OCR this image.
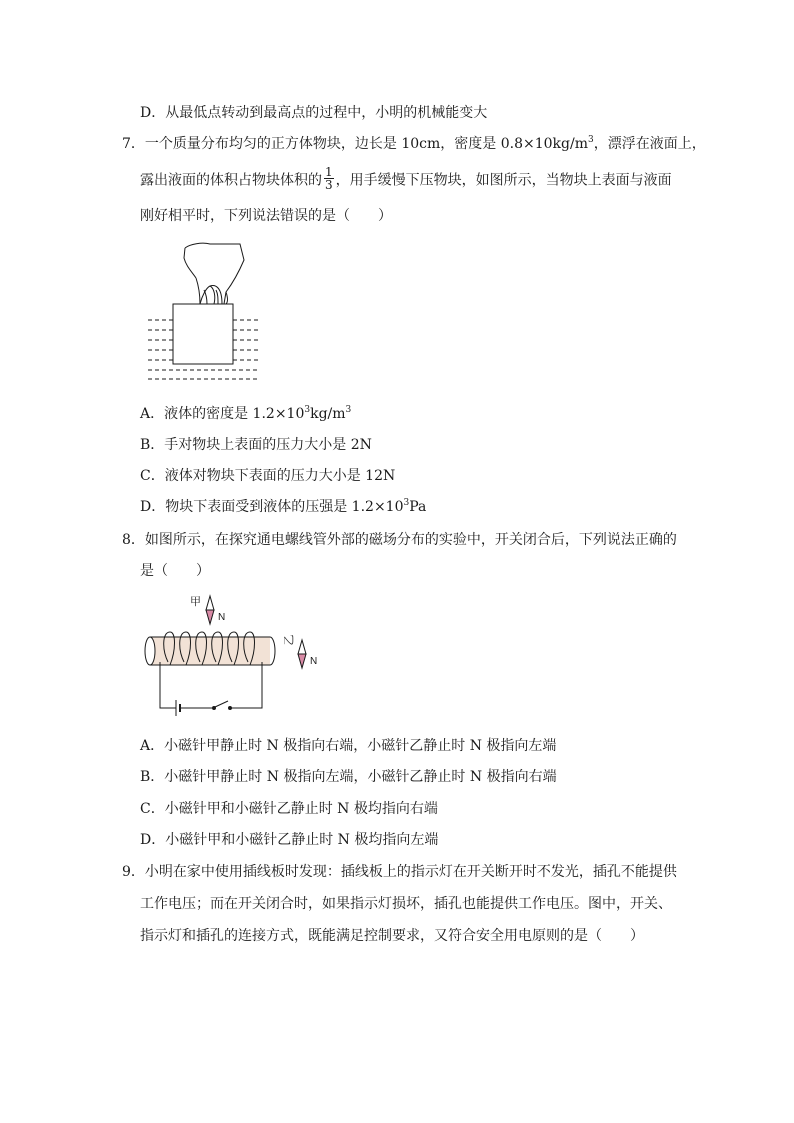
D．从最低点转动到最高点的过程中，小明的机械能变大
7．一个质量分布均匀的正方体物块，边长是 10cm，密度是 $0.8\times 10kg/m^3$，漂浮在液面上，
露出液面的体积占物块体积的 $\frac{1}{3}$ ，用手缓慢下压物块，如图所示，当物块上表面与液面
刚好相平时，下列说法错误的是（　　）
A．液体的密度是 $1.2\times 10^3kg/m^3$
B．手对物块上表面的压力大小是 2N
C．液体对物块下表面的压力大小是 12N
D．物块下表面受到液体的压强是 $1.2\times 10^3Pa$
8．如图所示，在探究通电螺线管外部的磁场分布的实验中，开关闭合后，下列说法正确的
是（　　）
甲
N
乙
N
A．小磁针甲静止时 N 极指向右端，小磁针乙静止时 N 极指向左端
B．小磁针甲静止时 N 极指向左端，小磁针乙静止时 N 极指向右端
C．小磁针甲和小磁针乙静止时 N 极均指向右端
D．小磁针甲和小磁针乙静止时 N 极均指向左端
9．小明在家中使用插线板时发现：插线板上的指示灯在开关断开时不发光，插孔不能提供
工作电压；而在开关闭合时，如果指示灯损坏，插孔也能提供工作电压。图中，开关、
指示灯和插孔的连接方式，既能满足控制要求，又符合安全用电原则的是（　　）
